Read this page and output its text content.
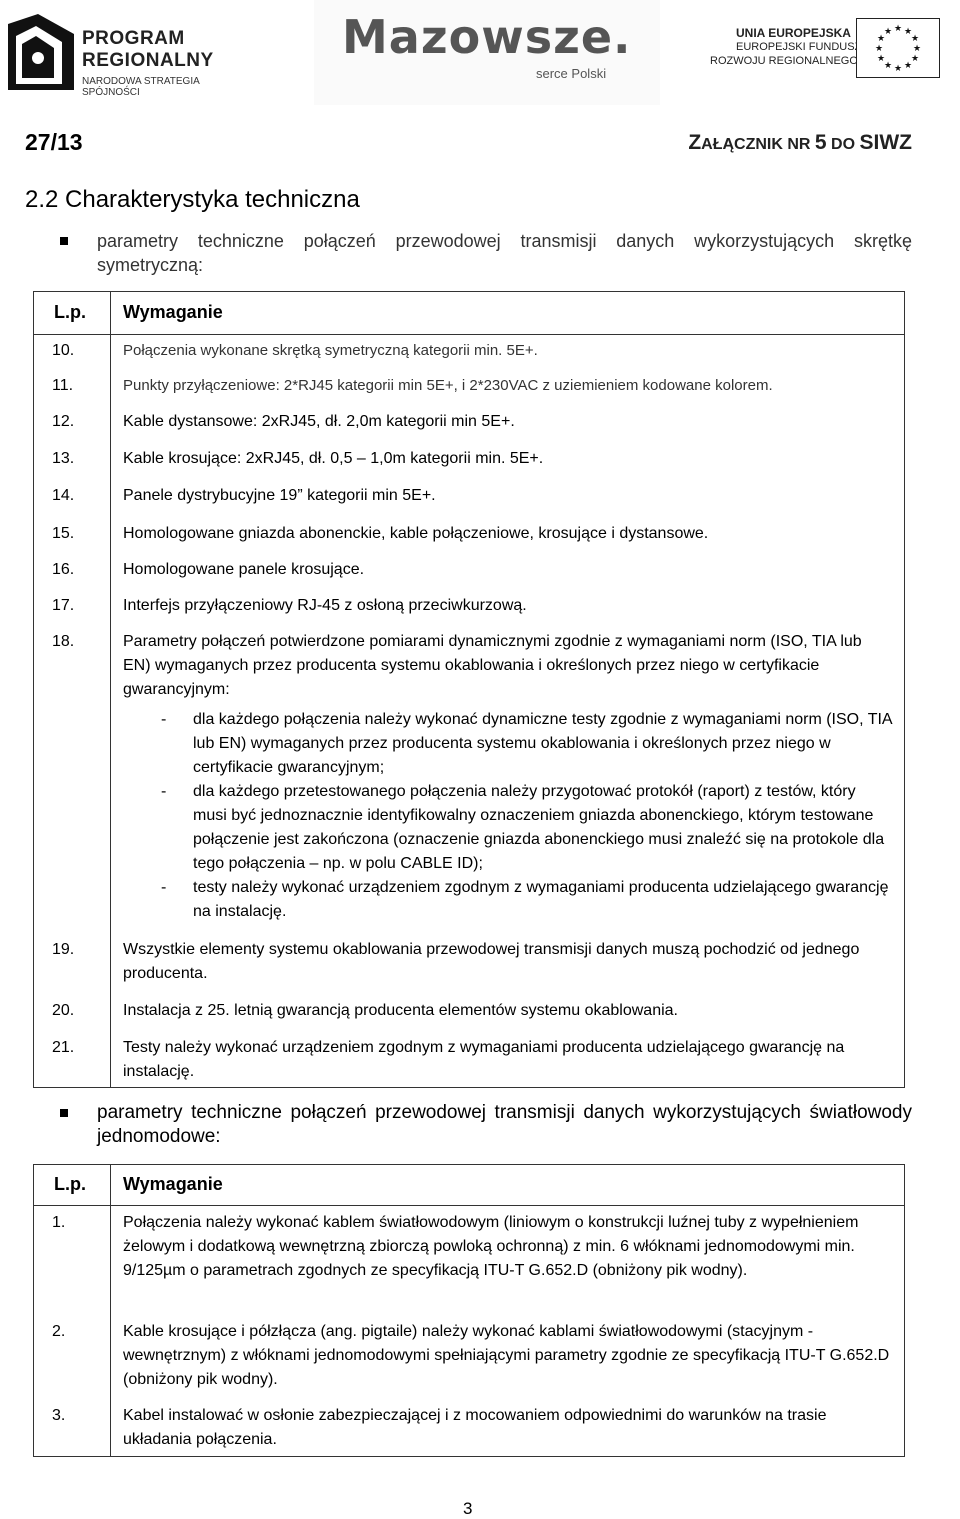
PROGRAM
REGIONALNY
NARODOWA STRATEGIA SPÓJNOŚCI
Mazowsze.
serce Polski
UNIA EUROPEJSKA
EUROPEJSKI FUNDUSZ
ROZWOJU REGIONALNEGO
★ ★
★
★
★
★
★
★
★
★
★
★
27/13	ZAŁĄCZNIK NR 5 DO SIWZ
2.2 Charakterystyka techniczna
parametry techniczne połączeń przewodowej transmisji danych wykorzystujących skrętkę symetryczną:
L.p. Wymaganie
10.	Połączenia wykonane skrętką symetryczną kategorii min. 5E+.
11.	Punkty przyłączeniowe: 2*RJ45 kategorii min 5E+, i 2*230VAC z uziemieniem kodowane kolorem.
12.	Kable dystansowe: 2xRJ45, dł. 2,0m kategorii min 5E+.
13.	Kable krosujące: 2xRJ45, dł. 0,5 – 1,0m kategorii min. 5E+.
14.	Panele dystrybucyjne 19” kategorii min 5E+.
15.	Homologowane gniazda abonenckie, kable połączeniowe, krosujące i dystansowe.
16.	Homologowane panele krosujące.
17.	Interfejs przyłączeniowy RJ-45 z osłoną przeciwkurzową.
18.	Parametry połączeń potwierdzone pomiarami dynamicznymi zgodnie z wymaganiami norm (ISO, TIA lub EN) wymaganych przez producenta systemu okablowania i określonych przez niego w certyfikacie gwarancyjnym:
- dla każdego połączenia należy wykonać dynamiczne testy zgodnie z wymaganiami norm (ISO, TIA lub EN) wymaganych przez producenta systemu okablowania i określonych przez niego w certyfikacie gwarancyjnym;
- dla każdego przetestowanego połączenia należy przygotować protokół (raport) z testów, który musi być jednoznacznie identyfikowalny oznaczeniem gniazda abonenckiego, którym testowane połączenie jest zakończona (oznaczenie gniazda abonenckiego musi znaleźć się na protokole dla tego połączenia – np. w polu CABLE ID);
- testy należy wykonać urządzeniem zgodnym z wymaganiami producenta udzielającego gwarancję na instalację.
19.	Wszystkie elementy systemu okablowania przewodowej transmisji danych muszą pochodzić od jednego producenta.
20.	Instalacja z 25. letnią gwarancją producenta elementów systemu okablowania.
21.	Testy należy wykonać urządzeniem zgodnym z wymaganiami producenta udzielającego gwarancję na instalację.
parametry techniczne połączeń przewodowej transmisji danych wykorzystujących światłowody jednomodowe:
L.p. Wymaganie
1.	Połączenia należy wykonać kablem światłowodowym (liniowym o konstrukcji luźnej tuby z wypełnieniem żelowym i dodatkową wewnętrzną zbiorczą powloką ochronną) z min. 6 włóknami jednomodowymi min. 9/125µm o parametrach zgodnych ze specyfikacją ITU-T G.652.D (obniżony pik wodny).
2.	Kable krosujące i półzłącza (ang. pigtaile) należy wykonać kablami światłowodowymi (stacyjnym - wewnętrznym) z włóknami jednomodowymi spełniającymi parametry zgodnie ze specyfikacją ITU-T G.652.D (obniżony pik wodny).
3.	Kabel instalować w osłonie zabezpieczającej i z mocowaniem odpowiednimi do warunków na trasie układania połączenia.
3
